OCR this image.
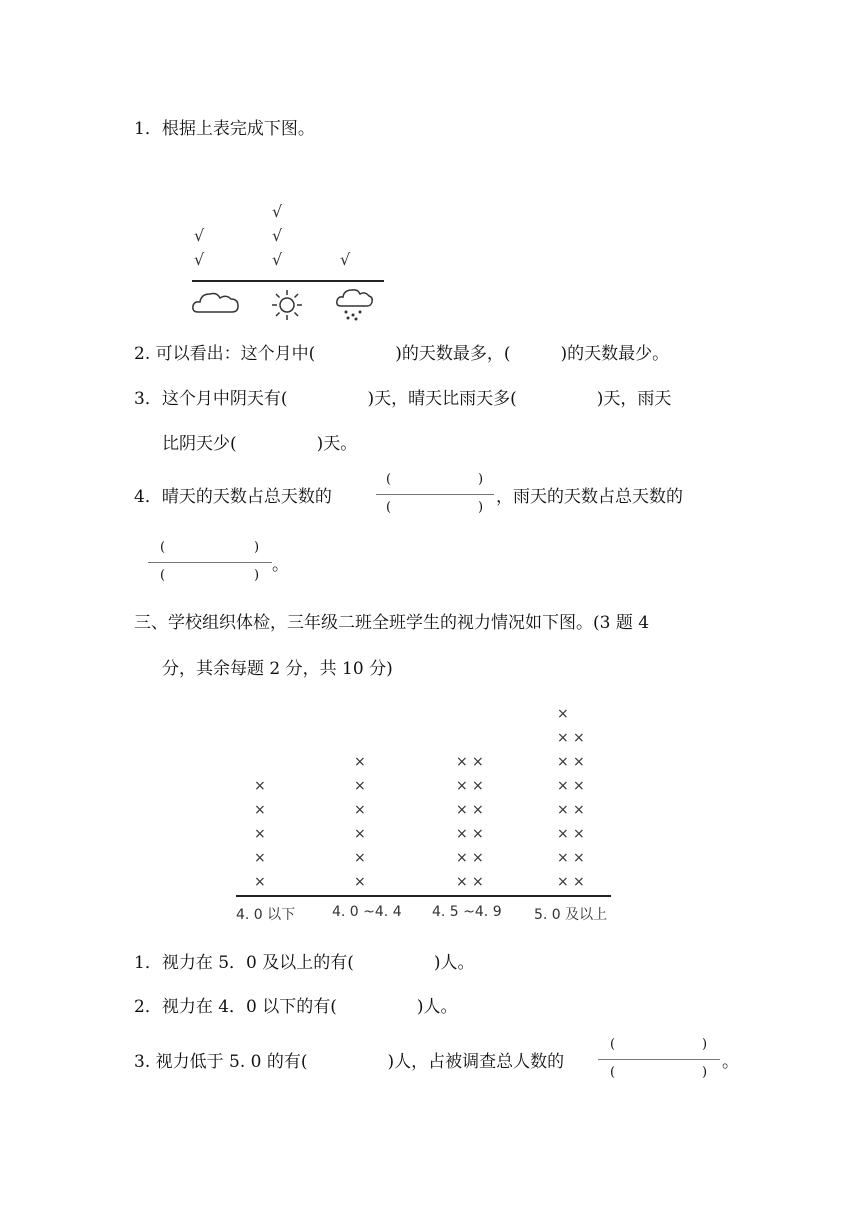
1．根据上表完成下图。
√
√
√
√
√
√
2. 可以看出：这个月中(	)的天数最多，(	)的天数最少。
3．这个月中阴天有(	)天，晴天比雨天多(	)天，雨天
比阴天少(	)天。
4．晴天的天数占总天数的
(	)
(	)
，雨天的天数占总天数的
(	)
(	)
。
三、学校组织体检，三年级二班全班学生的视力情况如下图。(3 题 4
分，其余每题 2 分，共 10 分)
×
×
×
×
×
×
×
×
×
×
×
× ×
× ×
× ×
× ×
× ×
× ×
× ×
× ×
× ×
× ×
× ×
× ×
× ×
×
4. 0 以下	4. 0 ~4. 4 4. 5 ~4. 9 5. 0 及以上
1．视力在 5．0 及以上的有(	)人。
2．视力在 4．0 以下的有(	)人。
3. 视力低于 5. 0 的有(	)人，占被调查总人数的
(	)
(	)
。
